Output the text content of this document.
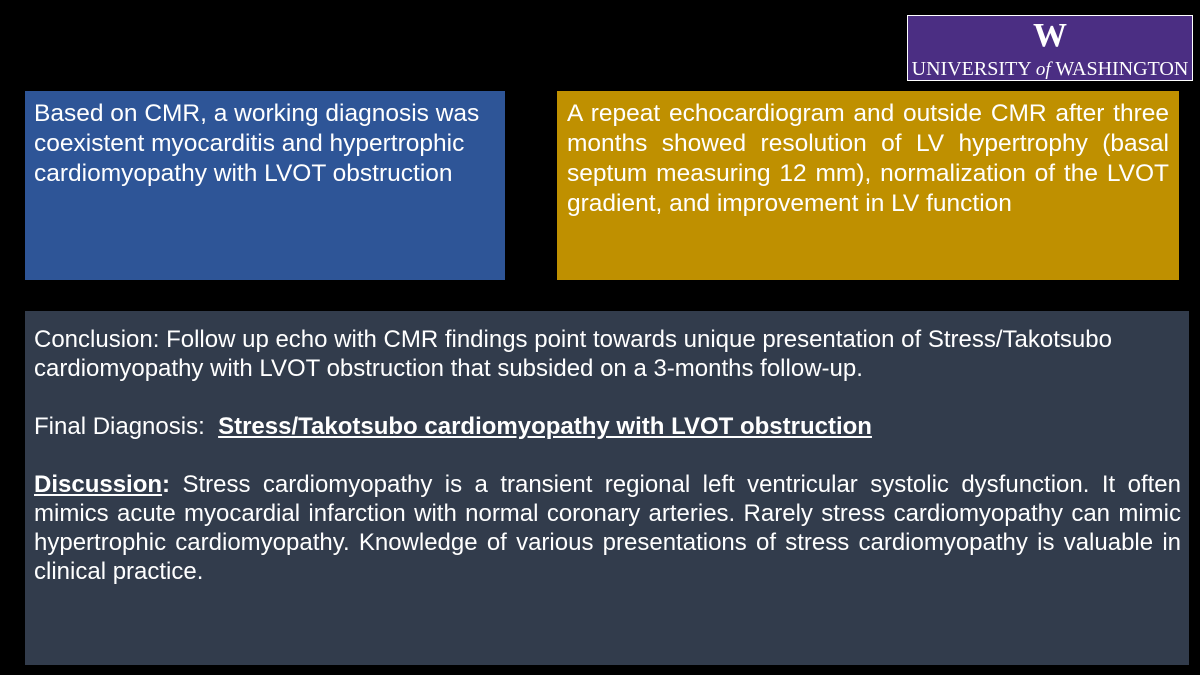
W
UNIVERSITY of WASHINGTON
Based on CMR, a working diagnosis was coexistent myocarditis and hypertrophic cardiomyopathy with LVOT obstruction
A repeat echocardiogram and outside CMR after three months showed resolution of LV hypertrophy (basal septum measuring 12 mm), normalization of the LVOT gradient, and improvement in LV function

Conclusion: Follow up echo with CMR findings point towards unique presentation of Stress/Takotsubo cardiomyopathy with LVOT obstruction that subsided on a 3-months follow-up.

Final Diagnosis: Stress/Takotsubo cardiomyopathy with LVOT obstruction

Discussion: Stress cardiomyopathy is a transient regional left ventricular systolic dysfunction. It often mimics acute myocardial infarction with normal coronary arteries. Rarely stress cardiomyopathy can mimic hypertrophic cardiomyopathy. Knowledge of various presentations of stress cardiomyopathy is valuable in clinical practice.
